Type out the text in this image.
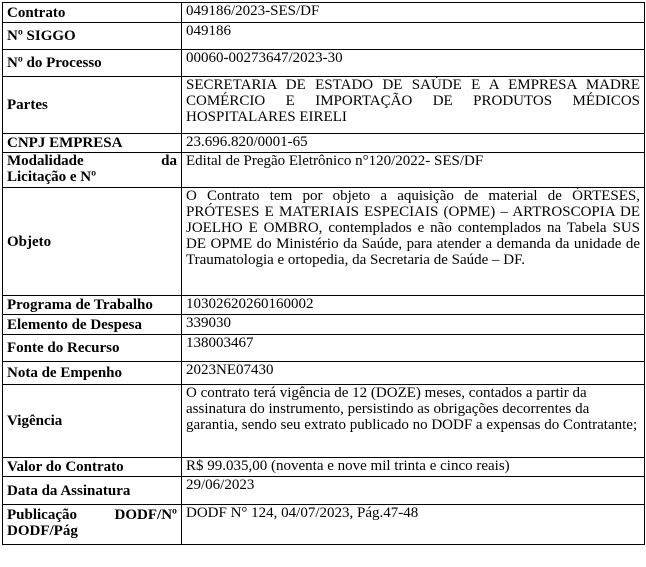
Contrato	049186/2023-SES/DF
Nº SIGGO	049186
Nº do Processo	00060-00273647/2023-30
Partes	SECRETARIA DE ESTADO DE SAÚDE E A EMPRESA MADRE COMÉRCIO E IMPORTAÇÃO DE PRODUTOS MÉDICOS HOSPITALARES EIRELI
CNPJ EMPRESA	23.696.820/0001-65

Modalidade da
Licitação e Nº	Edital de Pregão Eletrônico n°120/2022- SES/DF
Objeto	O Contrato tem por objeto a aquisição de material de ÓRTESES, PRÓTESES E MATERIAIS ESPECIAIS (OPME) – ARTROSCOPIA DE JOELHO E OMBRO, contemplados e não contemplados na Tabela SUS DE OPME do Ministério da Saúde, para atender a demanda da unidade de Traumatologia e ortopedia, da Secretaria de Saúde – DF.
Programa de Trabalho	10302620260160002
Elemento de Despesa	339030
Fonte do Recurso	138003467
Nota de Empenho	2023NE07430
Vigência	O contrato terá vigência de 12 (DOZE) meses, contados a partir da assinatura do instrumento, persistindo as obrigações decorrentes da garantia, sendo seu extrato publicado no DODF a expensas do Contratante;
Valor do Contrato	R$ 99.035,00 (noventa e nove mil trinta e cinco reais)
Data da Assinatura	29/06/2023

Publicação DODF/Nº
DODF/Pág	DODF N° 124, 04/07/2023, Pág.47-48
